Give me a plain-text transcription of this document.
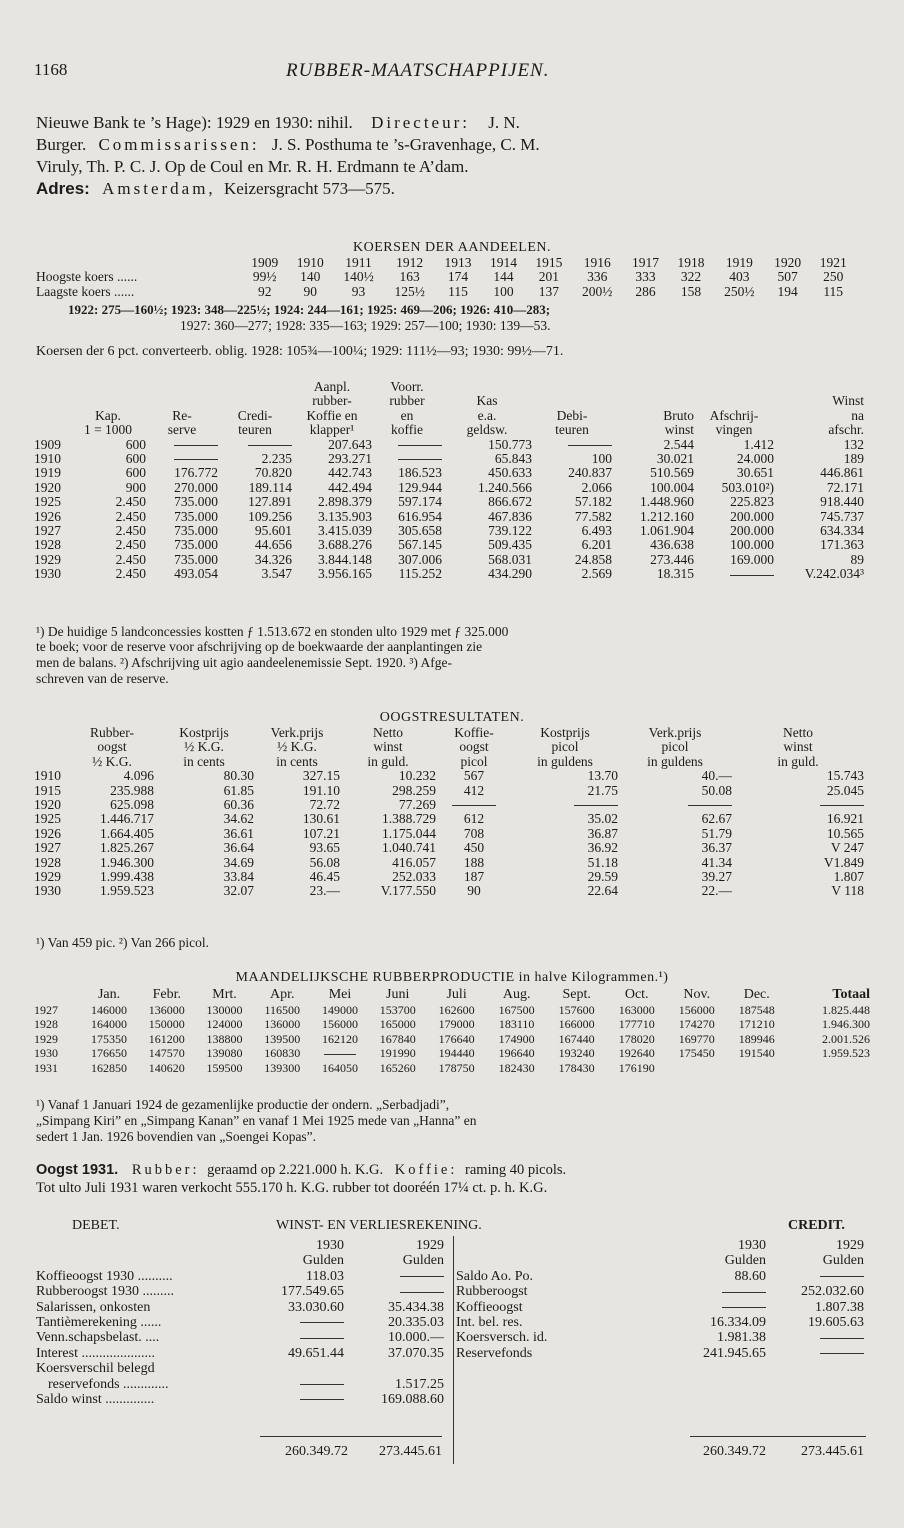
1168	RUBBER-MAATSCHAPPIJEN.
Nieuwe Bank te ’s Hage): 1929 en 1930: nihil. Directeur: J. N.
Burger. Commissarissen: J. S. Posthuma te ’s-Gravenhage, C. M.
Viruly, Th. P. C. J. Op de Coul en Mr. R. H. Erdmann te A’dam.
Adres: Amsterdam, Keizersgracht 573—575.
KOERSEN DER AANDEELEN.
	1909	1910	1911	1912	1913	1914	1915	1916	1917	1918	1919	1920	1921
Hoogste koers ......	99½	140	140½	163	174	144	201	336	333	322	403	507	250
Laagste koers ......	92	90	93	125½	115	100	137	200½	286	158	250½	194	115
1922: 275—160½; 1923: 348—225½; 1924: 244—161; 1925: 469—206; 1926: 410—283;
1927: 360—277; 1928: 335—163; 1929: 257—100; 1930: 139—53.
Koersen der 6 pct. converteerb. oblig. 1928: 105¾—100¼; 1929: 111½—93; 1930: 99½—71.
				Aanpl.	Voorr.					
				rubber-	rubber	Kas				Winst
	Kap.	Re-	Credi-	Koffie en	en	e.a.	Debi-	Bruto	Afschrij-	na
	1 = 1000	serve	teuren	klapper¹	koffie	geldsw.	teuren	winst	vingen	afschr.
1909	600			207.643		150.773		2.544	1.412	132
1910	600		2.235	293.271		65.843	100	30.021	24.000	189
1919	600	176.772	70.820	442.743	186.523	450.633	240.837	510.569	30.651	446.861
1920	900	270.000	189.114	442.494	129.944	1.240.566	2.066	100.004	503.010²)	72.171
1925	2.450	735.000	127.891	2.898.379	597.174	866.672	57.182	1.448.960	225.823	918.440
1926	2.450	735.000	109.256	3.135.903	616.954	467.836	77.582	1.212.160	200.000	745.737
1927	2.450	735.000	95.601	3.415.039	305.658	739.122	6.493	1.061.904	200.000	634.334
1928	2.450	735.000	44.656	3.688.276	567.145	509.435	6.201	436.638	100.000	171.363
1929	2.450	735.000	34.326	3.844.148	307.006	568.031	24.858	273.446	169.000	89
1930	2.450	493.054	3.547	3.956.165	115.252	434.290	2.569	18.315		V.242.034³
¹) De huidige 5 landconcessies kostten ƒ 1.513.672 en stonden ulto 1929 met ƒ 325.000
te boek; voor de reserve voor afschrijving op de boekwaarde der aanplantingen zie
men de balans. ²) Afschrijving uit agio aandeelenemissie Sept. 1920. ³) Afge-
schreven van de reserve.
OOGSTRESULTATEN.
	Rubber-	Kostprijs	Verk.prijs	Netto	Koffie-	Kostprijs	Verk.prijs	Netto
	oogst	½ K.G.	½ K.G.	winst	oogst	picol	picol	winst
	½ K.G.	in cents	in cents	in guld.	picol	in guldens	in guldens	in guld.
1910	4.096	80.30	327.15	10.232	567	13.70	40.—	15.743
1915	235.988	61.85	191.10	298.259	412	21.75	50.08	25.045
1920	625.098	60.36	72.72	77.269				
1925	1.446.717	34.62	130.61	1.388.729	612	35.02	62.67	16.921
1926	1.664.405	36.61	107.21	1.175.044	708	36.87	51.79	10.565
1927	1.825.267	36.64	93.65	1.040.741	450	36.92	36.37	V 247
1928	1.946.300	34.69	56.08	416.057	188	51.18	41.34	V1.849
1929	1.999.438	33.84	46.45	252.033	187	29.59	39.27	1.807
1930	1.959.523	32.07	23.—	V.177.550	90	22.64	22.—	V 118
¹) Van 459 pic. ²) Van 266 picol.
MAANDELIJKSCHE RUBBERPRODUCTIE in halve Kilogrammen.¹)
	Jan.	Febr.	Mrt.	Apr.	Mei	Juni	Juli	Aug.	Sept.	Oct.	Nov.	Dec.	Totaal
1927	146000	136000	130000	116500	149000	153700	162600	167500	157600	163000	156000	187548	1.825.448
1928	164000	150000	124000	136000	156000	165000	179000	183110	166000	177710	174270	171210	1.946.300
1929	175350	161200	138800	139500	162120	167840	176640	174900	167440	178020	169770	189946	2.001.526
1930	176650	147570	139080	160830		191990	194440	196640	193240	192640	175450	191540	1.959.523
1931	162850	140620	159500	139300	164050	165260	178750	182430	178430	176190			
¹) Vanaf 1 Januari 1924 de gezamenlijke productie der ondern. „Serbadjadi”,
„Simpang Kiri” en „Simpang Kanan” en vanaf 1 Mei 1925 mede van „Hanna” en
sedert 1 Jan. 1926 bovendien van „Soengei Kopas”.
Oogst 1931. Rubber: geraamd op 2.221.000 h. K.G. Koffie: raming 40 picols.
Tot ulto Juli 1931 waren verkocht 555.170 h. K.G. rubber tot dooréén 17¼ ct. p. h. K.G.
DEBET.	WINST- EN VERLIESREKENING.	CREDIT.
	1930	1929
	Gulden	Gulden
Koffieoogst 1930 ..........	118.03	
Rubberoogst 1930 .........	177.549.65	
Salarissen, onkosten	33.030.60	35.434.38
Tantièmerekening ......		20.335.03
Venn.schapsbelast. ....		10.000.—
Interest .....................	49.651.44	37.070.35
Koersverschil belegd		
reservefonds .............		1.517.25
Saldo winst ..............		169.088.60
	1930	1929
	Gulden	Gulden
Saldo Ao. Po.	88.60	
Rubberoogst		252.032.60
Koffieoogst		1.807.38
Int. bel. res.	16.334.09	19.605.63
Koersversch. id.	1.981.38	
Reservefonds	241.945.65	
260.349.72	273.445.61	260.349.72	273.445.61
